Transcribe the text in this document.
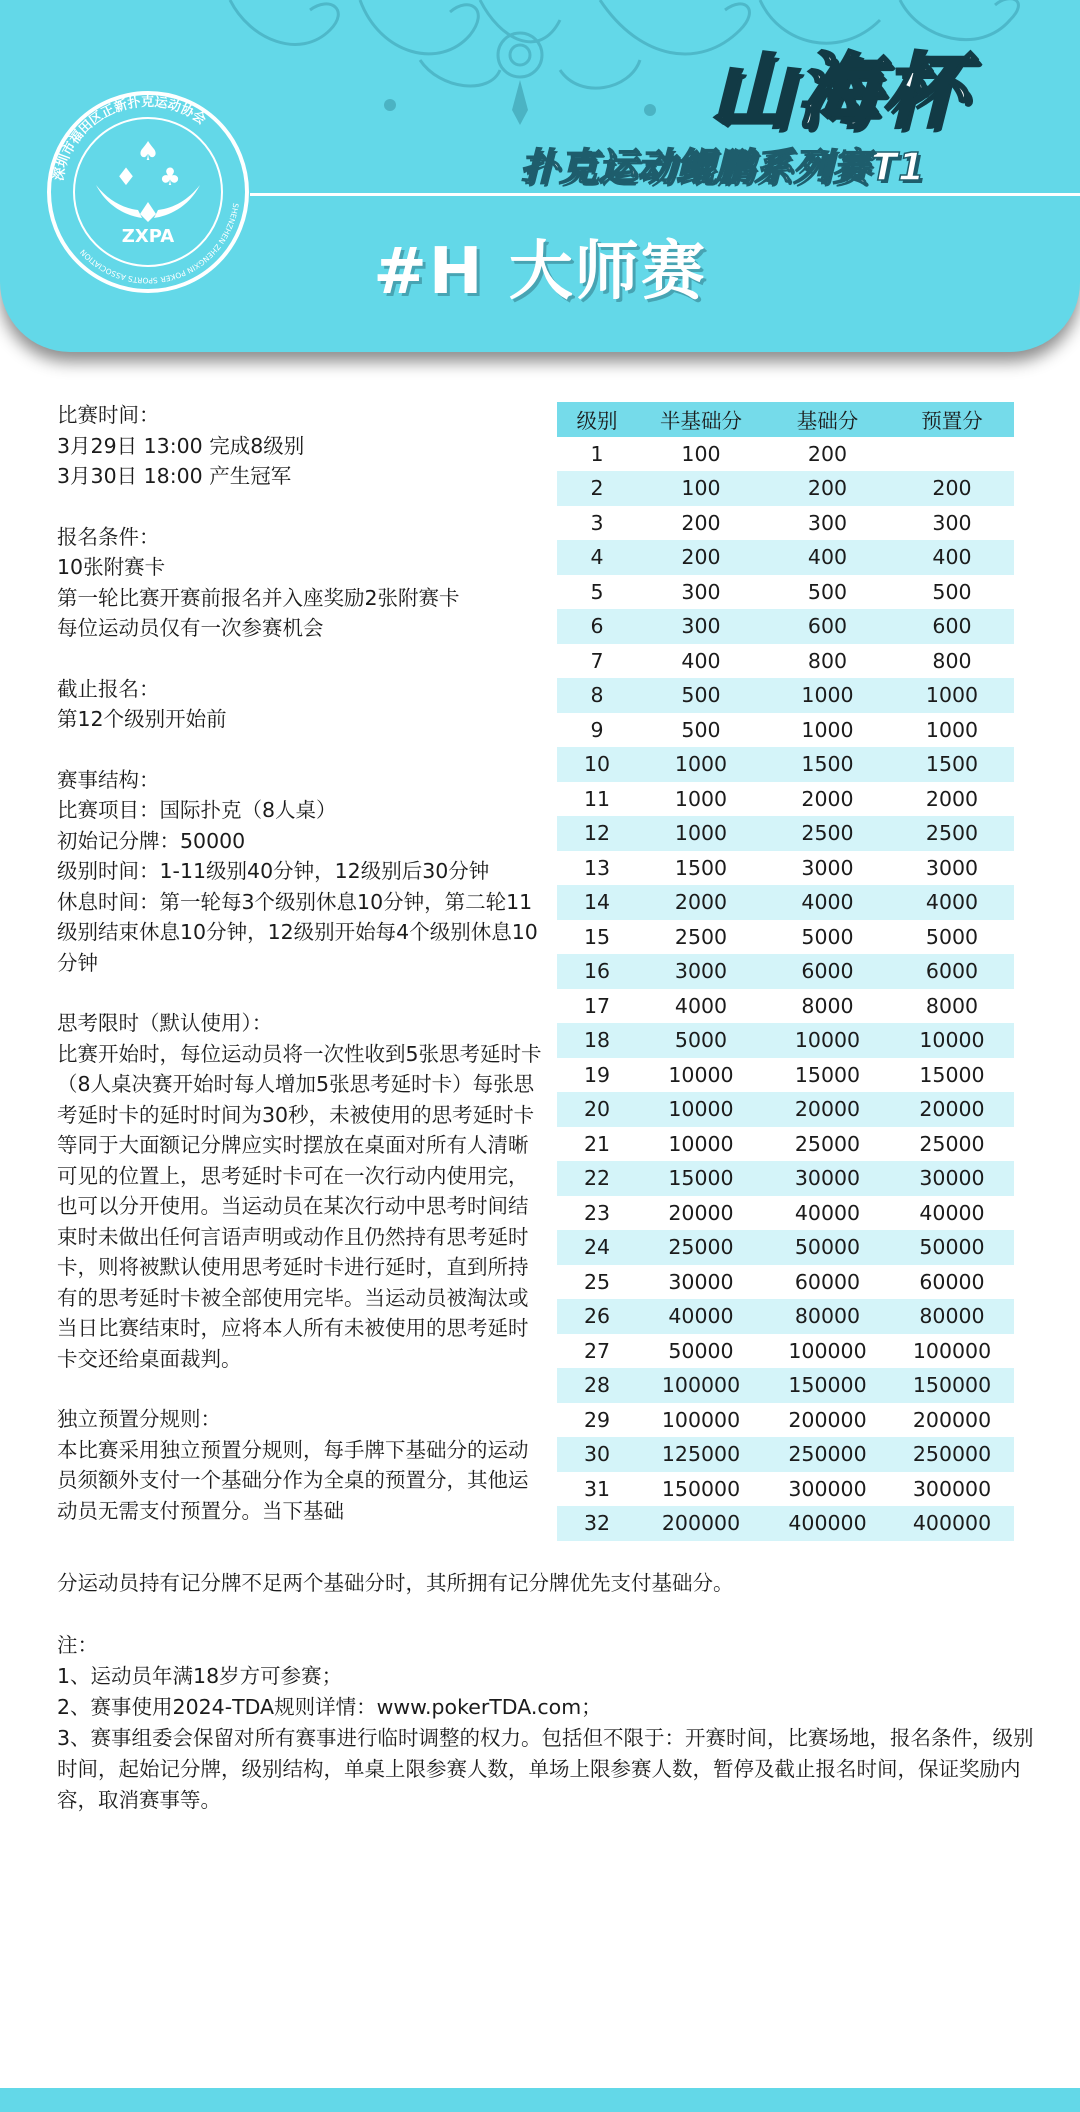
深圳市福田区正新扑克运动协会
SHENZHEN ZHENGXIN POKER SPORTS ASSOCIATION
♠
♦ ♣
ZXPA
山海杯
扑克运动鲲鹏系列赛T1
#H 大师赛
比赛时间：
3月29日 13:00 完成8级别
3月30日 18:00 产生冠军
报名条件：
10张附赛卡
第一轮比赛开赛前报名并入座奖励2张附赛卡
每位运动员仅有一次参赛机会
截止报名：
第12个级别开始前
赛事结构：
比赛项目：国际扑克（8人桌）
初始记分牌：50000
级别时间：1-11级别40分钟，12级别后30分钟
休息时间：第一轮每3个级别休息10分钟，第二轮11级别结束休息10分钟，12级别开始每4个级别休息10分钟
思考限时（默认使用）：
比赛开始时，每位运动员将一次性收到5张思考延时卡（8人桌决赛开始时每人增加5张思考延时卡）每张思考延时卡的延时时间为30秒，未被使用的思考延时卡等同于大面额记分牌应实时摆放在桌面对所有人清晰可见的位置上，思考延时卡可在一次行动内使用完，也可以分开使用。当运动员在某次行动中思考时间结束时未做出任何言语声明或动作且仍然持有思考延时卡，则将被默认使用思考延时卡进行延时，直到所持有的思考延时卡被全部使用完毕。当运动员被淘汰或当日比赛结束时，应将本人所有未被使用的思考延时卡交还给桌面裁判。
独立预置分规则：
本比赛采用独立预置分规则，每手牌下基础分的运动员须额外支付一个基础分作为全桌的预置分，其他运动员无需支付预置分。当下基础
分运动员持有记分牌不足两个基础分时，其所拥有记分牌优先支付基础分。
注：
1、运动员年满18岁方可参赛；
2、赛事使用2024-TDA规则详情：www.pokerTDA.com；
3、赛事组委会保留对所有赛事进行临时调整的权力。包括但不限于：开赛时间，比赛场地，报名条件，级别时间，起始记分牌，级别结构，单桌上限参赛人数，单场上限参赛人数，暂停及截止报名时间，保证奖励内容，取消赛事等。
级别	半基础分	基础分	预置分
1	100	200	
2	100	200	200
3	200	300	300
4	200	400	400
5	300	500	500
6	300	600	600
7	400	800	800
8	500	1000	1000
9	500	1000	1000
10	1000	1500	1500
11	1000	2000	2000
12	1000	2500	2500
13	1500	3000	3000
14	2000	4000	4000
15	2500	5000	5000
16	3000	6000	6000
17	4000	8000	8000
18	5000	10000	10000
19	10000	15000	15000
20	10000	20000	20000
21	10000	25000	25000
22	15000	30000	30000
23	20000	40000	40000
24	25000	50000	50000
25	30000	60000	60000
26	40000	80000	80000
27	50000	100000	100000
28	100000	150000	150000
29	100000	200000	200000
30	125000	250000	250000
31	150000	300000	300000
32	200000	400000	400000
